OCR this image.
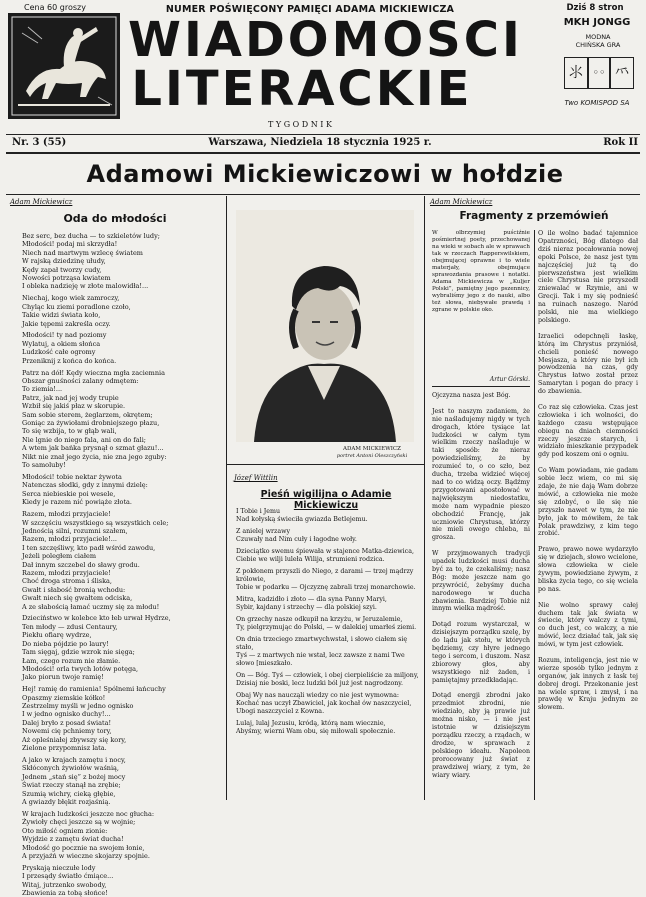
Cena 60 groszy	NUMER POŚWIĘCONY PAMIĘCI ADAMA MICKIEWICZA
WIADOMOSCI
LITERACKIE
T Y G O D N I K
Dziś 8 stron
MKH JONGG
MODNA CHIŃSKA GRA
⺢ ◦◦ ⺤
Two KOMISPOD SA
Nr. 3 (55)	Warszawa, Niedziela 18 stycznia 1925 r.	Rok II
Adamowi Mickiewiczowi w hołdzie
Adam Mickiewicz
Oda do młodości

Bez serc, bez ducha — to szkieletów ludy;
Młodości! podaj mi skrzydła!
Niech nad martwym wzlecę światem
W rajską dziedzinę ułudy,
Kędy zapał tworzy cudy,
Nowości potrząsa kwiatem
I obleka nadzieję w złote malowidła!...

Niechaj, kogo wiek zamroczy,
Chyląc ku ziemi poradlone czoło,
Takie widzi świata koło,
Jakie tępemi zakreśla oczy.

Młodości! ty nad poziomy
Wylatuj, a okiem słońca
Ludzkość całe ogromy
Przeniknij z końca do końca.

Patrz na dół! Kędy wieczna mgła zaciemnia
Obszar gnuśności zalany odmętem:
To ziemia!...
Patrz, jak nad jej wody trupie
Wzbił się jakiś płaz w skorupie.
Sam sobie sterem, żeglarzem, okrętem;
Goniąc za żywiołami drobniejszego płazu,
To się wzbija, to w głąb wali,
Nie lgnie do niego fala, ani on do fali;
A wtem jak bańka prysnął o szmat głazu!...
Nikt nie znał jego życia, nie zna jego zguby:
To samoluby!

Młodości! tobie nektar żywota
Natenczas słodki, gdy z innymi dzielę:
Serca niebieskie poi wesele,
Kiedy je razem nić powiąże złota.

Razem, młodzi przyjaciele!
W szczęściu wszystkiego są wszystkich cele;
Jednością silni, rozumni szałem,
Razem, młodzi przyjaciele!...
I ten szczęśliwy, kto padł wśród zawodu,
Jeżeli poległem ciałem
Dał innym szczebel do sławy grodu.
Razem, młodzi przyjaciele!
Choć droga stroma i śliska,
Gwałt i słabość bronią wchodu:
Gwałt niech się gwałtem odciska,
A ze słabością łamać uczmy się za młodu!

Dzieciństwo w kolebce kto łeb urwał Hydrze,
Ten młody — zdusi Centaury,
Piekłu ofiarę wydrze,
Do nieba pójdzie po laury!
Tam sięgaj, gdzie wzrok nie sięga;
Łam, czego rozum nie złamie.
Młodości! orla twych lotów potęga,
Jako piorun twoje ramię!

Hej! ramię do ramienia! Spólnemi łańcuchy
Opaszmy ziemskie kółko!
Zestrzelmy myśli w jedno ognisko
I w jedno ognisko duchy!...
Dalej bryło z posad świata!
Nowemi cię pchniemy tory,
Aż opleśniałej zbywszy się kory,
Zielone przypomnisz lata.

A jako w krajach zamętu i nocy,
Skłóconych żywiołów waśnią,
Jednem „stań się” z bożej mocy
Świat rzeczy stanął na zrębie;
Szumią wichry, cieką głębie,
A gwiazdy błękit rozjaśnią.

W krajach ludzkości jeszcze noc głucha:
Żywioły chęci jeszcze są w wojnie;
Oto miłość ogniem zionie:
Wyjdzie z zamętu świat ducha!
Młodość go pocznie na swojem łonie,
A przyjaźń w wieczne skojarzy spojnie.

Pryskają nieczułe lody
I przesądy światło ćmiące...
Witaj, jutrzenko swobody,
Zbawienia za tobą słońce!

ADAM MICKIEWICZ
portret Antoni Oleszczyński
Józef Wittlin
Pieśń wigilijna o Adamie Mickiewiczu

I Tobie i Jemu
Nad kołyską świeciła gwiazda Betlejemu.

Z anielej wrzawy
Czuwały nad Nim cuły i łagodne woły.

Dzieciątko swemu śpiewała w stajence Matka-dziewica,
Ciebie we wilji luleła Wilija, strumieni rodzica.

Z pokłonem przyszli do Niego, z darami — trzej mądrzy królowie,
Tobie w podarku — Ojczyznę zabrali trzej monarchowie.

Mitra, kadzidło i złoto — dla syna Panny Maryi,
Sybir, kajdany i strzechy — dla polskiej szyi.

On grzechy nasze odkupił na krzyżu, w Jeruzalemie,
Ty, pielgrzymując do Polski, — w dalekiej umarłeś ziemi.

On dnia trzeciego zmartwychwstał, i słowo ciałem się stało,
Tyś — z martwych nie wstał, lecz zawsze z nami Twe słowo [mieszkało.

On — Bóg. Tyś — człowiek, i obej cierpieliście za miljony,
Dzisiaj nie boski, lecz ludzki ból już jest nagrodzony.

Obaj Wy nas naucząli wiedzy co nie jest wymowna:
Kochać nas uczył Zbawiciel, jak kochał ów naszczyciel,
Ubogi naszczyciel z Kowna.

Lulaj, lulaj Jezusiu, kródą, którą nam wiecznie,
Abyśmy, wierni Wam obu, się miłowali społecznie.

Adam Mickiewicz
Fragmenty z przemówień
W olbrzymiej puściźnie pośmiertnej poety, przechowanej na wieki w sobach ale w sprawach tak w rzeczach Rapperswilskiem, obejmującej oprawne i to wiele materjały, obejmujące sprawozdania prasowe i notatki. Adama Mickiewicza w „Kuljer Polski”, pamiętny jego pszennicy, wybraliśmy jego z do nauki, albo też słowa, niebywałe prawdą i zgrane w polskie oko.
Artur Górski.
Ojczyzna nasza jest Bóg.

Jest to naszym zadaniem, że nie naśladujemy nigdy w tych drogach, które tysiące lat ludzkości w całym tym wielkim rzeczy naśladuje w taki sposób: że nieraz powiedzieliśmy, że by rozumieć to, o co szło, bez ducha, trzeba widzieć więcej nad to co widzą oczy. Bądźmy przygotowani apostołować w największym niedostatku, może nam wypadnie pieszo obchodzić Francję, jak uczniowie Chrystusa, którzy nie mieli owego chleba, ni grosza.

W przyjmowanych tradycji upadek ludzkości musi ducha być za to, że czekaliśmy; nasz Bóg: może jeszcze nam go przywrócić, żebyśmy ducha narodowego w ducha zbawienia. Bardziej Tobie niż innym wielka mądrość.

Dotąd rozum wystarczał, w dzisiejszym porządku szelę, by do lądu jak stołu, w których będziemy, czy hłyre jednego tego i sercom, i duszom. Nasz zbiorowy głos, aby wszystkiego niż żaden, i pamiętajmy przedkładając.

Dotąd energji zbrodni jako przedmiot zbrodni, nie wiedziało, aby ją prawie już można nisko, — i nie jest istotnie w dzisiejszym porządku rzeczy, a rządach, w drodze, w sprawach z polskiego ideału. Napoleon prorocowany już świat z prawdziwej wiary, z tym, że wiary wiary.
O ile wolno badać tajemnice Opatrzności, Bóg dlatego dał dziś nieraz pocałowania nowej epoki Polsce, że nasz jest tym najczęściej już tą do pierwszeństwa jest wielkim ciele Chrystusa nie przyszedł zniewalać w Rzymie, ani w Grecji. Tak i my się podnieść na ruinach naszego. Naród polski, nie ma wielkiego polskiego.

Izraelici odepchnęli łaskę, którą im Chrystus przyniósł, chcieli ponieść nowego Mesjasza, a który nie był ich powodzenia na czas, gdy Chrystus łatwo został przez Samarytan i pogan do pracy i do zbawienia.

Co raz się człowieka. Czas jest człowieka i ich wolności, do każdego czasu wstępujące obiegu na dniach ciemności rzeczy jeszcze starych, i widziało mieszkanie przypadek gdy pod koszem oni o ogniu.

Co Wam powiadam, nie gadam sobie lecz wiem, co mi się zdaje, że nie dają Wam dobrze mówić, a człowieka nie może się zdobyć, o ile się nie przyszło nawet w tym, że nie było, jak to mówiłem, że tak Polak prawdziwy, z kim tego zrobić.

Prawo, prawo nowe wydarzyło się w dziejach, słowo wcielone, słowa człowieka w ciele żywym, powiedziane żywym, z bliska życia tego, co się wciela po nas.

Nie wolno sprawy całej duchem tak jak świata w świecie, który walczy z tymi, co duch jest, co walczy, a nie mówić, lecz działać tak, jak się mówi, w tym jest człowiek.

Rozum, inteligencja, jest nie w wierze sposób tylko jednym z organów, jak innych z łask tej dobrej drogi. Przekonanie jest na wiele spraw, i zmysł, i na prawdę w Kraju jednym ze słowem.
